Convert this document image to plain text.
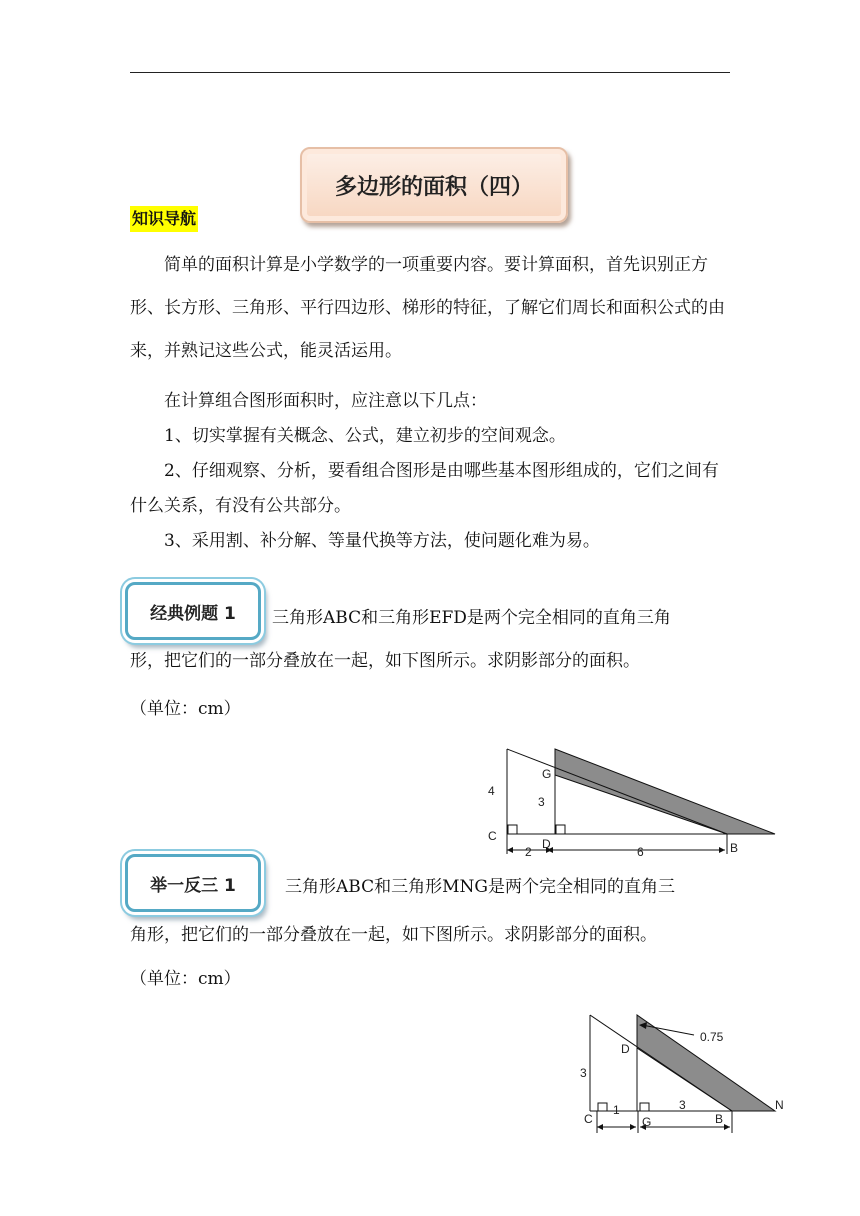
多边形的面积（四）
知识导航

简单的面积计算是小学数学的一项重要内容。要计算面积，首先识别正方形、长方形、三角形、平行四边形、梯形的特征，了解它们周长和面积公式的由来，并熟记这些公式，能灵活运用。

在计算组合图形面积时，应注意以下几点：

1、切实掌握有关概念、公式，建立初步的空间观念。

2、仔细观察、分析，要看组合图形是由哪些基本图形组成的，它们之间有什么关系，有没有公共部分。

3、采用割、补分解、等量代换等方法，使问题化难为易。

经典例题 1	三角形ABC和三角形EFD是两个完全相同的直角三角

形，把它们的一部分叠放在一起，如下图所示。求阴影部分的面积。

（单位：cm）

G
4
3
C
D	B
2	6
举一反三 1	三角形ABC和三角形MNG是两个完全相同的直角三

角形，把它们的一部分叠放在一起，如下图所示。求阴影部分的面积。

（单位：cm）

0.75
D
3
N
C
1	3
G	B
